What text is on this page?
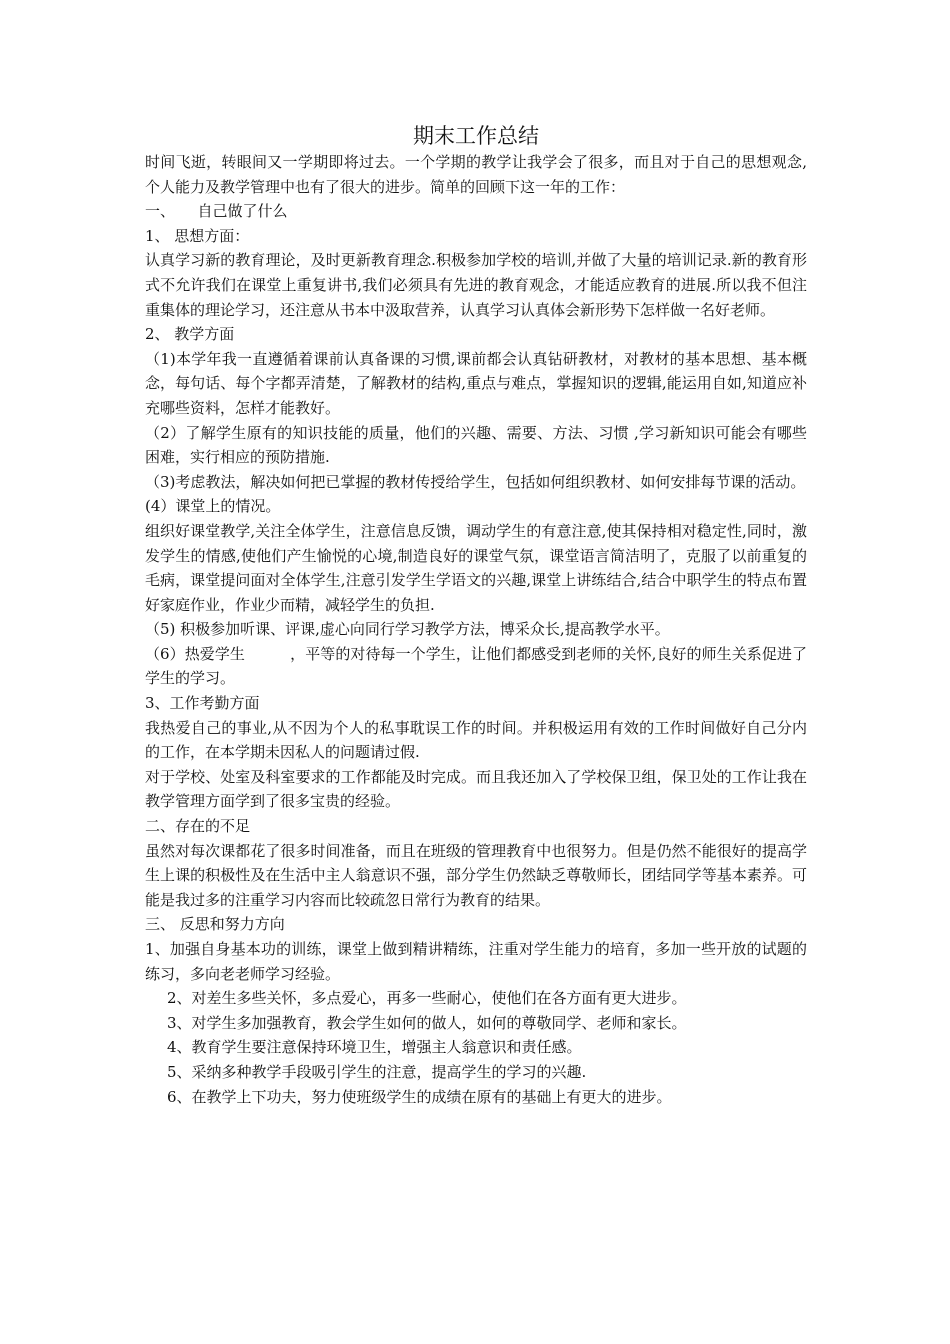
期末工作总结

时间飞逝，转眼间又一学期即将过去。一个学期的教学让我学会了很多，而且对于自己的思想观念,个人能力及教学管理中也有了很大的进步。简单的回顾下这一年的工作：

一、　　自己做了什么

1、 思想方面：

认真学习新的教育理论，及时更新教育理念.积极参加学校的培训,并做了大量的培训记录.新的教育形式不允许我们在课堂上重复讲书,我们必须具有先进的教育观念，才能适应教育的进展.所以我不但注重集体的理论学习，还注意从书本中汲取营养，认真学习认真体会新形势下怎样做一名好老师。

2、 教学方面

（1)本学年我一直遵循着课前认真备课的习惯,课前都会认真钻研教材，对教材的基本思想、基本概念，每句话、每个字都弄清楚，了解教材的结构,重点与难点，掌握知识的逻辑,能运用自如,知道应补充哪些资料，怎样才能教好。

（2）了解学生原有的知识技能的质量，他们的兴趣、需要、方法、习惯 ,学习新知识可能会有哪些困难，实行相应的预防措施.

（3)考虑教法，解决如何把已掌握的教材传授给学生，包括如何组织教材、如何安排每节课的活动。

(4）课堂上的情况。

组织好课堂教学,关注全体学生，注意信息反馈，调动学生的有意注意,使其保持相对稳定性,同时，激发学生的情感,使他们产生愉悦的心境,制造良好的课堂气氛，课堂语言简洁明了，克服了以前重复的毛病，课堂提问面对全体学生,注意引发学生学语文的兴趣,课堂上讲练结合,结合中职学生的特点布置好家庭作业，作业少而精，减轻学生的负担.

（5) 积极参加听课、评课,虚心向同行学习教学方法，博采众长,提高教学水平。

（6）热爱学生　　　，平等的对待每一个学生，让他们都感受到老师的关怀,良好的师生关系促进了学生的学习。

3、工作考勤方面

我热爱自己的事业,从不因为个人的私事耽误工作的时间。并积极运用有效的工作时间做好自己分内的工作，在本学期未因私人的问题请过假.

对于学校、处室及科室要求的工作都能及时完成。而且我还加入了学校保卫组，保卫处的工作让我在教学管理方面学到了很多宝贵的经验。

二、存在的不足

虽然对每次课都花了很多时间准备，而且在班级的管理教育中也很努力。但是仍然不能很好的提高学生上课的积极性及在生活中主人翁意识不强，部分学生仍然缺乏尊敬师长，团结同学等基本素养。可能是我过多的注重学习内容而比较疏忽日常行为教育的结果。

三、 反思和努力方向

1、加强自身基本功的训练，课堂上做到精讲精练，注重对学生能力的培育，多加一些开放的试题的练习，多向老老师学习经验。

2、对差生多些关怀，多点爱心，再多一些耐心，使他们在各方面有更大进步。

3、对学生多加强教育，教会学生如何的做人，如何的尊敬同学、老师和家长。

4、教育学生要注意保持环境卫生，增强主人翁意识和责任感。

5、采纳多种教学手段吸引学生的注意，提高学生的学习的兴趣.

6、在教学上下功夫，努力使班级学生的成绩在原有的基础上有更大的进步。
